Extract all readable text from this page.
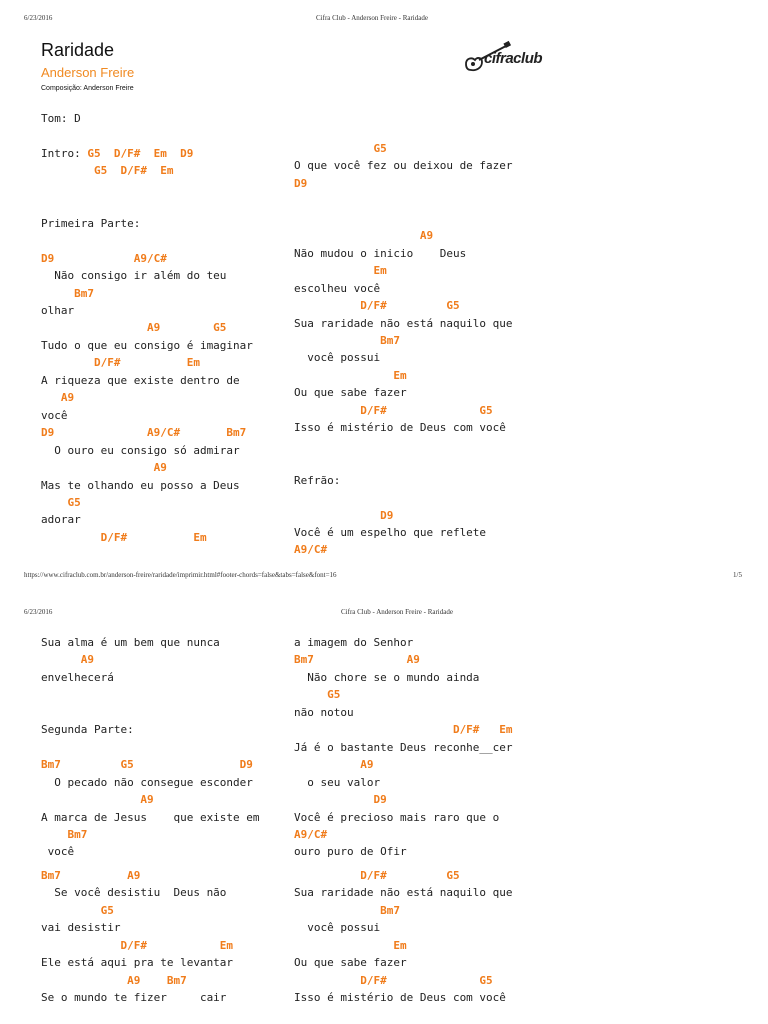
6/23/2016	Cifra Club - Anderson Freire - Raridade
Raridade
Anderson Freire
Composição: Anderson Freire
cifraclub
Tom: D

Intro: G5  D/F#  Em  D9
G5  D/F#  Em

Primeira Parte:

D9            A9/C#
Não consigo ir além do teu
Bm7
olhar
A9        G5
Tudo o que eu consigo é imaginar
D/F#          Em
A riqueza que existe dentro de
A9
você
D9              A9/C#       Bm7
O ouro eu consigo só admirar
A9
Mas te olhando eu posso a Deus
G5
adorar
D/F#          Em
G5
O que você fez ou deixou de fazer
D9

A9
Não mudou o inicio    Deus
Em
escolheu você
D/F#         G5
Sua raridade não está naquilo que
Bm7
você possui
Em
Ou que sabe fazer
D/F#              G5
Isso é mistério de Deus com você

Refrão:

D9
Você é um espelho que reflete
A9/C#
https://www.cifraclub.com.br/anderson-freire/raridade/imprimir.html#footer-chords=false&tabs=false&font=16	1/5
6/23/2016	Cifra Club - Anderson Freire - Raridade
Sua alma é um bem que nunca
A9
envelhecerá

Segunda Parte:

Bm7         G5                D9
O pecado não consegue esconder
A9
A marca de Jesus    que existe em
Bm7
você

Bm7          A9
Se você desistiu  Deus não
G5
vai desistir
D/F#           Em
Ele está aqui pra te levantar
A9    Bm7
Se o mundo te fizer     cair
a imagem do Senhor
Bm7              A9
Não chore se o mundo ainda
G5
não notou
D/F#   Em
Já é o bastante Deus reconhe__cer
A9
o seu valor
D9
Você é precioso mais raro que o
A9/C#
ouro puro de Ofir

D/F#         G5
Sua raridade não está naquilo que
Bm7
você possui
Em
Ou que sabe fazer
D/F#              G5
Isso é mistério de Deus com você
